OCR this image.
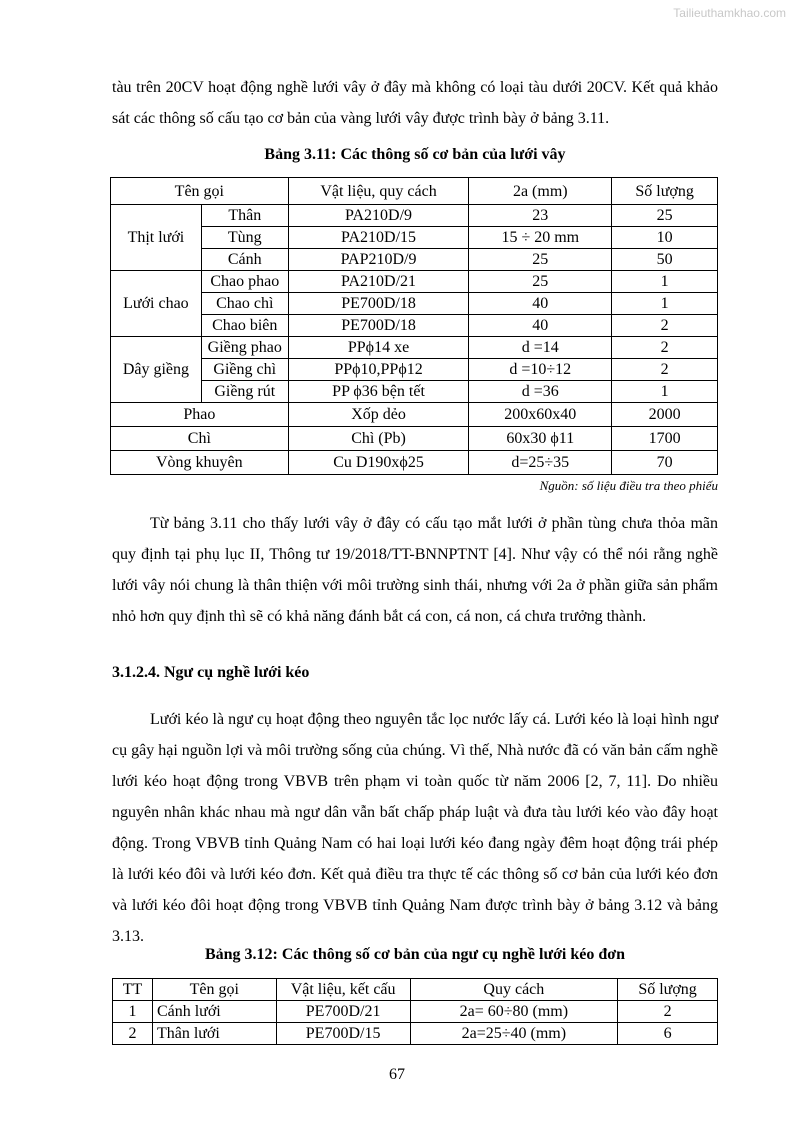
Tailieuthamkhao.com

tàu trên 20CV hoạt động nghề lưới vây ở đây mà không có loại tàu dưới 20CV. Kết quả khảo sát các thông số cấu tạo cơ bản của vàng lưới vây được trình bày ở bảng 3.11.

Bảng 3.11: Các thông số cơ bản của lưới vây
Tên gọi		Vật liệu, quy cách	2a (mm)	Số lượng
Thịt lưới	Thân	PA210D/9	23	25
	Tùng	PA210D/15	15 ÷ 20 mm	10
	Cánh	PAP210D/9	25	50
Lưới chao	Chao phao	PA210D/21	25	1
	Chao chì	PE700D/18	40	1
	Chao biên	PE700D/18	40	2
Dây giềng	Giềng phao	PPϕ14 xe	d =14	2
	Giềng chì	PPϕ10,PPϕ12	d =10÷12	2
	Giềng rút	PP ϕ36 bện tết	d =36	1
Phao		Xốp dẻo	200x60x40	2000
Chì		Chì (Pb)	60x30 ϕ11	1700
Vòng khuyên		Cu D190xϕ25	d=25÷35	70
Nguồn: số liệu điều tra theo phiếu

Từ bảng 3.11 cho thấy lưới vây ở đây có cấu tạo mắt lưới ở phần tùng chưa thỏa mãn quy định tại phụ lục II, Thông tư 19/2018/TT-BNNPTNT [4]. Như vậy có thể nói rằng nghề lưới vây nói chung là thân thiện với môi trường sinh thái, nhưng với 2a ở phần giữa sản phẩm nhỏ hơn quy định thì sẽ có khả năng đánh bắt cá con, cá non, cá chưa trưởng thành.

3.1.2.4. Ngư cụ nghề lưới kéo

Lưới kéo là ngư cụ hoạt động theo nguyên tắc lọc nước lấy cá. Lưới kéo là loại hình ngư cụ gây hại nguồn lợi và môi trường sống của chúng. Vì thế, Nhà nước đã có văn bản cấm nghề lưới kéo hoạt động trong VBVB trên phạm vi toàn quốc từ năm 2006 [2, 7, 11]. Do nhiều nguyên nhân khác nhau mà ngư dân vẫn bất chấp pháp luật và đưa tàu lưới kéo vào đây hoạt động. Trong VBVB tỉnh Quảng Nam có hai loại lưới kéo đang ngày đêm hoạt động trái phép là lưới kéo đôi và lưới kéo đơn. Kết quả điều tra thực tế các thông số cơ bản của lưới kéo đơn và lưới kéo đôi hoạt động trong VBVB tỉnh Quảng Nam được trình bày ở bảng 3.12 và bảng 3.13.

Bảng 3.12: Các thông số cơ bản của ngư cụ nghề lưới kéo đơn
TT	Tên gọi	Vật liệu, kết cấu	Quy cách	Số lượng
1	Cánh lưới	PE700D/21	2a= 60÷80 (mm)	2
2	Thân lưới	PE700D/15	2a=25÷40 (mm)	6
67
